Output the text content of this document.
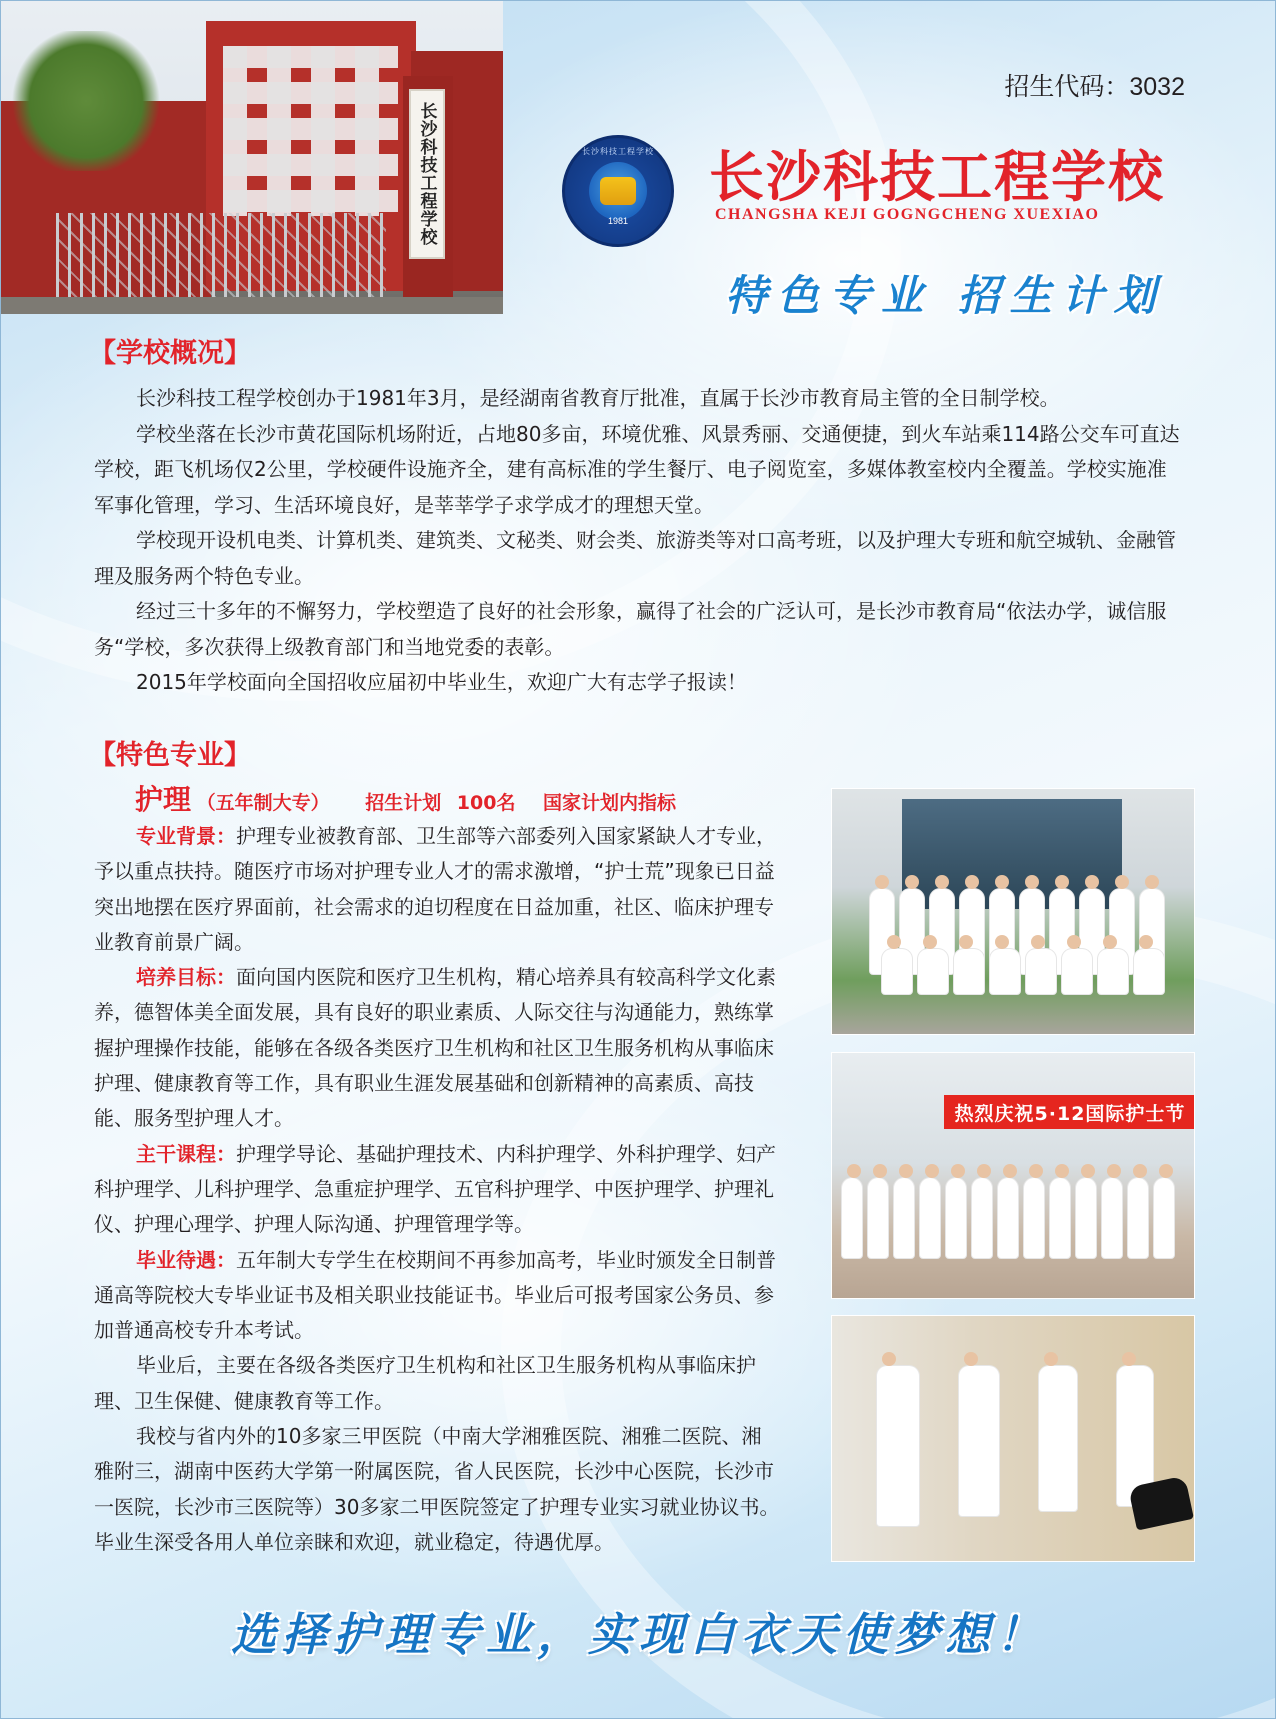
长沙科技工程学校
招生代码：3032
长沙科技工程学校
1981
长沙科技工程学校
CHANGSHA KEJI GOGNGCHENG XUEXIAO
特色专业 招生计划
【学校概况】

长沙科技工程学校创办于1981年3月，是经湖南省教育厅批准，直属于长沙市教育局主管的全日制学校。

学校坐落在长沙市黄花国际机场附近，占地80多亩，环境优雅、风景秀丽、交通便捷，到火车站乘114路公交车可直达学校，距飞机场仅2公里，学校硬件设施齐全，建有高标准的学生餐厅、电子阅览室，多媒体教室校内全覆盖。学校实施准军事化管理，学习、生活环境良好，是莘莘学子求学成才的理想天堂。

学校现开设机电类、计算机类、建筑类、文秘类、财会类、旅游类等对口高考班，以及护理大专班和航空城轨、金融管理及服务两个特色专业。

经过三十多年的不懈努力，学校塑造了良好的社会形象，赢得了社会的广泛认可，是长沙市教育局“依法办学，诚信服务“学校，多次获得上级教育部门和当地党委的表彰。

2015年学校面向全国招收应届初中毕业生，欢迎广大有志学子报读！

【特色专业】
护理 （五年制大专） 招生计划 100名 国家计划内指标

专业背景：护理专业被教育部、卫生部等六部委列入国家紧缺人才专业，予以重点扶持。随医疗市场对护理专业人才的需求激增，“护士荒”现象已日益突出地摆在医疗界面前，社会需求的迫切程度在日益加重，社区、临床护理专业教育前景广阔。

培养目标：面向国内医院和医疗卫生机构，精心培养具有较高科学文化素养，德智体美全面发展，具有良好的职业素质、人际交往与沟通能力，熟练掌握护理操作技能，能够在各级各类医疗卫生机构和社区卫生服务机构从事临床护理、健康教育等工作，具有职业生涯发展基础和创新精神的高素质、高技能、服务型护理人才。

主干课程：护理学导论、基础护理技术、内科护理学、外科护理学、妇产科护理学、儿科护理学、急重症护理学、五官科护理学、中医护理学、护理礼仪、护理心理学、护理人际沟通、护理管理学等。

毕业待遇：五年制大专学生在校期间不再参加高考，毕业时颁发全日制普通高等院校大专毕业证书及相关职业技能证书。毕业后可报考国家公务员、参加普通高校专升本考试。

毕业后，主要在各级各类医疗卫生机构和社区卫生服务机构从事临床护理、卫生保健、健康教育等工作。

我校与省内外的10多家三甲医院（中南大学湘雅医院、湘雅二医院、湘雅附三，湖南中医药大学第一附属医院，省人民医院，长沙中心医院，长沙市一医院，长沙市三医院等）30多家二甲医院签定了护理专业实习就业协议书。毕业生深受各用人单位亲睐和欢迎，就业稳定，待遇优厚。

热烈庆祝5·12国际护士节
选择护理专业，实现白衣天使梦想！
